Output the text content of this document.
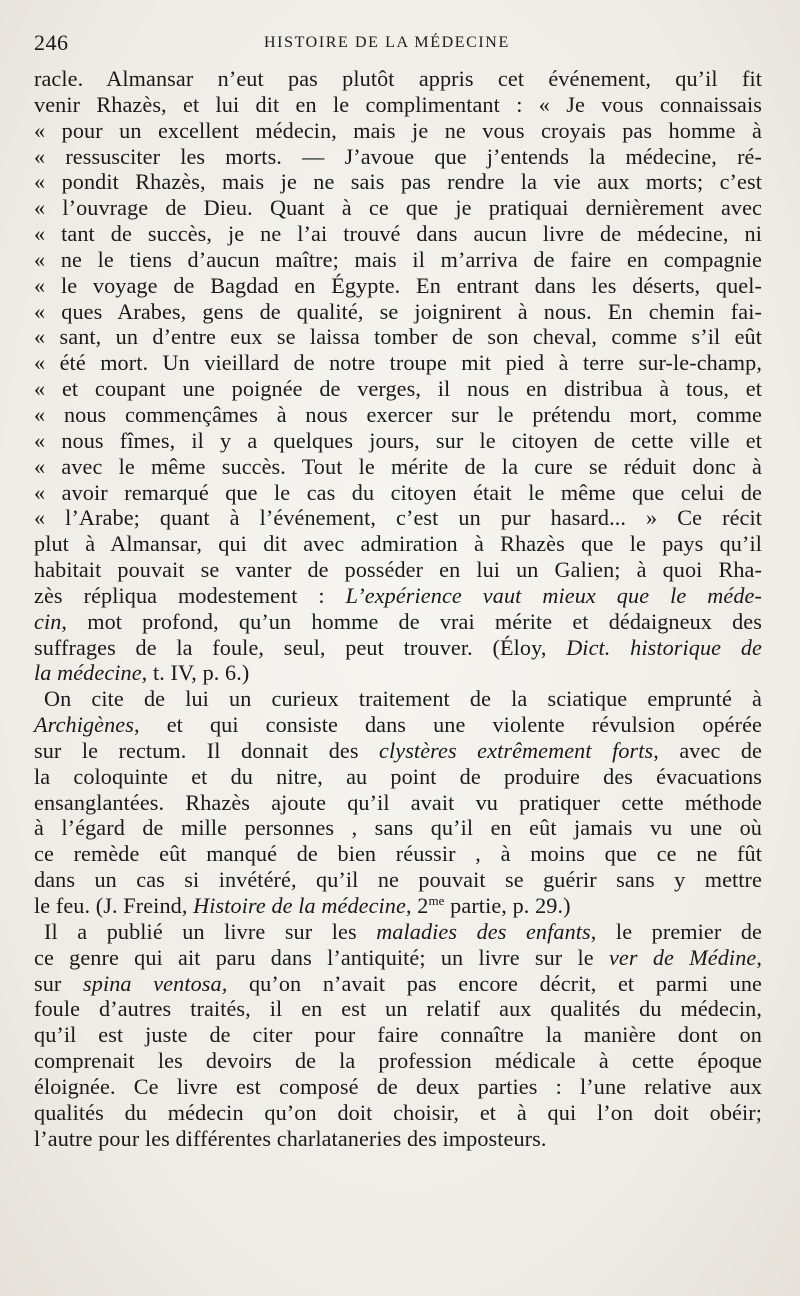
246	HISTOIRE DE LA MÉDECINE
racle. Almansar n’eut pas plutôt appris cet événement, qu’il fit
venir Rhazès, et lui dit en le complimentant : « Je vous connaissais
« pour un excellent médecin, mais je ne vous croyais pas homme à
« ressusciter les morts. — J’avoue que j’entends la médecine, ré-
« pondit Rhazès, mais je ne sais pas rendre la vie aux morts; c’est
« l’ouvrage de Dieu. Quant à ce que je pratiquai dernièrement avec
« tant de succès, je ne l’ai trouvé dans aucun livre de médecine, ni
« ne le tiens d’aucun maître; mais il m’arriva de faire en compagnie
« le voyage de Bagdad en Égypte. En entrant dans les déserts, quel-
« ques Arabes, gens de qualité, se joignirent à nous. En chemin fai-
« sant, un d’entre eux se laissa tomber de son cheval, comme s’il eût
« été mort. Un vieillard de notre troupe mit pied à terre sur-le-champ,
« et coupant une poignée de verges, il nous en distribua à tous, et
« nous commençâmes à nous exercer sur le prétendu mort, comme
« nous fîmes, il y a quelques jours, sur le citoyen de cette ville et
« avec le même succès. Tout le mérite de la cure se réduit donc à
« avoir remarqué que le cas du citoyen était le même que celui de
« l’Arabe; quant à l’événement, c’est un pur hasard... » Ce récit
plut à Almansar, qui dit avec admiration à Rhazès que le pays qu’il
habitait pouvait se vanter de posséder en lui un Galien; à quoi Rha-
zès répliqua modestement : L’expérience vaut mieux que le méde-
cin, mot profond, qu’un homme de vrai mérite et dédaigneux des
suffrages de la foule, seul, peut trouver. (Éloy, Dict. historique de
la médecine, t. IV, p. 6.)
On cite de lui un curieux traitement de la sciatique emprunté à
Archigènes, et qui consiste dans une violente révulsion opérée
sur le rectum. Il donnait des clystères extrêmement forts, avec de
la coloquinte et du nitre, au point de produire des évacuations
ensanglantées. Rhazès ajoute qu’il avait vu pratiquer cette méthode
à l’égard de mille personnes , sans qu’il en eût jamais vu une où
ce remède eût manqué de bien réussir , à moins que ce ne fût
dans un cas si invétéré, qu’il ne pouvait se guérir sans y mettre
le feu. (J. Freind, Histoire de la médecine, $2^{me}$ partie, p. 29.)
Il a publié un livre sur les maladies des enfants, le premier de
ce genre qui ait paru dans l’antiquité; un livre sur le ver de Médine,
sur spina ventosa, qu’on n’avait pas encore décrit, et parmi une
foule d’autres traités, il en est un relatif aux qualités du médecin,
qu’il est juste de citer pour faire connaître la manière dont on
comprenait les devoirs de la profession médicale à cette époque
éloignée. Ce livre est composé de deux parties : l’une relative aux
qualités du médecin qu’on doit choisir, et à qui l’on doit obéir;
l’autre pour les différentes charlataneries des imposteurs.
